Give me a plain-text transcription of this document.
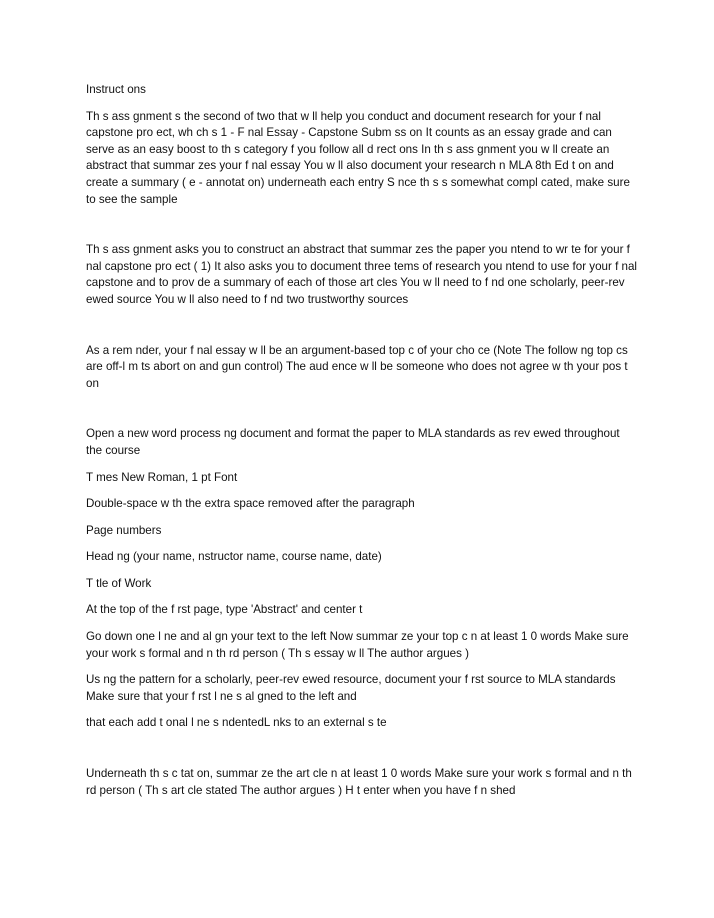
Instruct ons
Th s ass gnment s the second of two that w ll help you conduct and document research for your f nal capstone pro ect, wh ch s 1 - F nal Essay - Capstone Subm ss on It counts as an essay grade and can serve as an easy boost to th s category f you follow all d rect ons In th s ass gnment you w ll create an abstract that summar zes your f nal essay You w ll also document your research n MLA 8th Ed t on and create a summary ( e - annotat on) underneath each entry S nce th s s somewhat compl cated, make sure to see the sample
Th s ass gnment asks you to construct an abstract that summar zes the paper you ntend to wr te for your f nal capstone pro ect ( 1) It also asks you to document three tems of research you ntend to use for your f nal capstone and to prov de a summary of each of those art cles You w ll need to f nd one scholarly, peer-rev ewed source You w ll also need to f nd two trustworthy sources
As a rem nder, your f nal essay w ll be an argument-based top c of your cho ce (Note The follow ng top cs are off-l m ts abort on and gun control) The aud ence w ll be someone who does not agree w th your pos t on
Open a new word process ng document and format the paper to MLA standards as rev ewed throughout the course
T mes New Roman, 1 pt Font
Double-space w th the extra space removed after the paragraph
Page numbers
Head ng (your name, nstructor name, course name, date)
T tle of Work
At the top of the f rst page, type 'Abstract' and center t
Go down one l ne and al gn your text to the left Now summar ze your top c n at least 1 0 words Make sure your work s formal and n th rd person ( Th s essay w ll The author argues )
Us ng the pattern for a scholarly, peer-rev ewed resource, document your f rst source to MLA standards Make sure that your f rst l ne s al gned to the left and
that each add t onal l ne s ndentedL nks to an external s te
Underneath th s c tat on, summar ze the art cle n at least 1 0 words Make sure your work s formal and n th rd person ( Th s art cle stated The author argues ) H t enter when you have f n shed
